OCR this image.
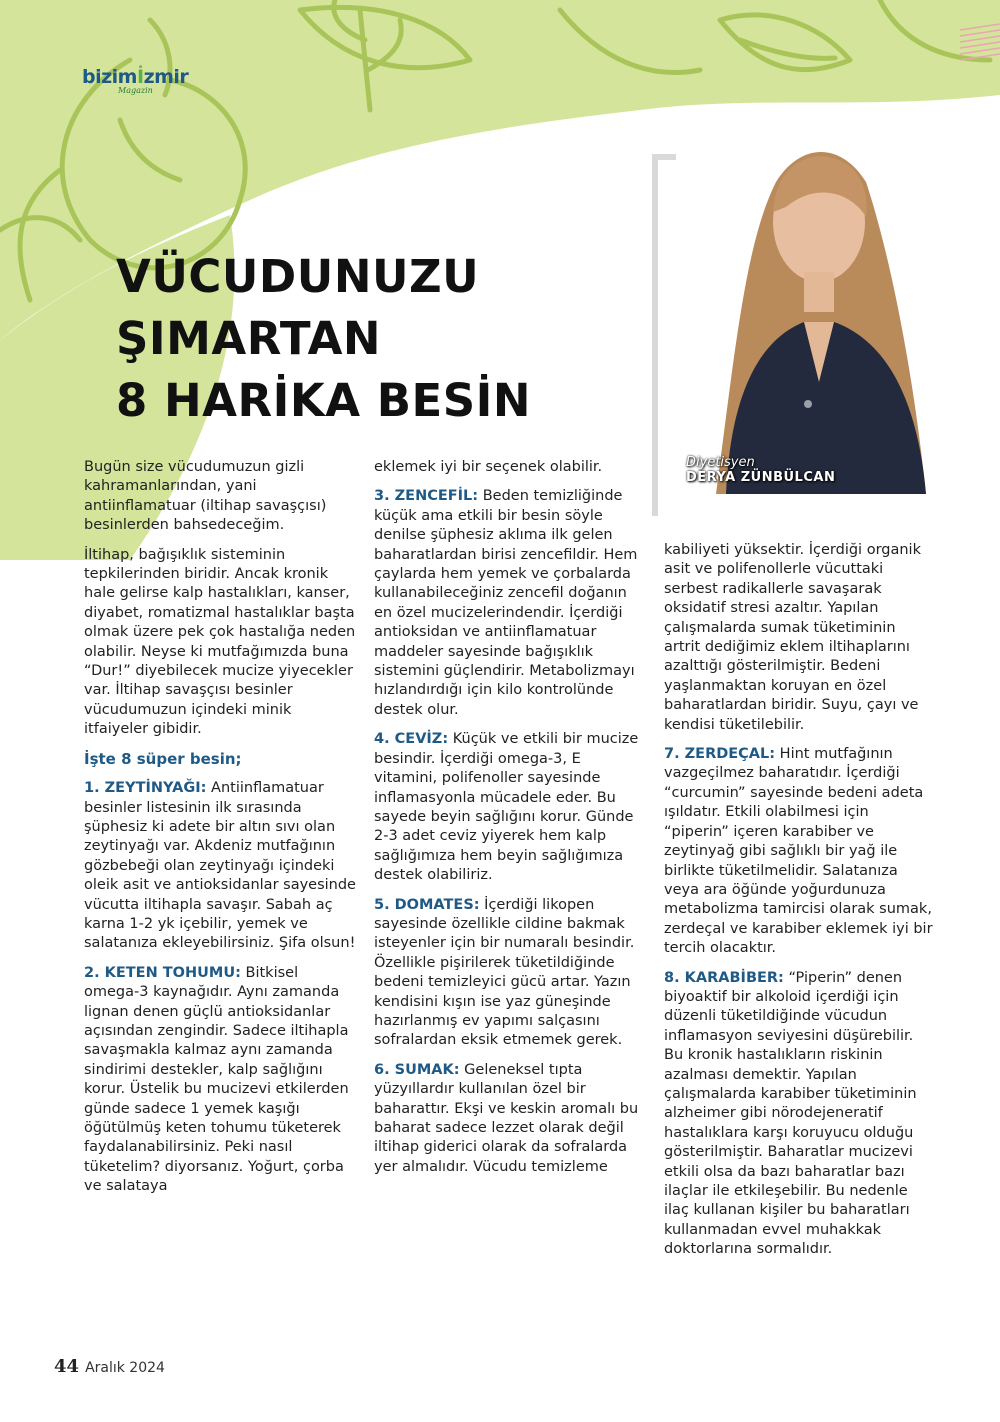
bizimİzmir
Magazin
VÜCUDUNUZU
ŞIMARTAN
8 HARİKA BESİN
Diyetisyen
DERYA ZÜNBÜLCAN

Bugün size vücudumuzun gizli kahramanlarından, yani antiinflamatuar (iltihap savaşçısı) besinlerden bahsedeceğim.

İltihap, bağışıklık sisteminin tepkilerinden biridir. Ancak kronik hale gelirse kalp hastalıkları, kanser, diyabet, romatizmal hastalıklar başta olmak üzere pek çok hastalığa neden olabilir. Neyse ki mutfağımızda buna “Dur!” diyebilecek mucize yiyecekler var. İltihap savaşçısı besinler vücudumuzun içindeki minik itfaiyeler gibidir.

İşte 8 süper besin;

1. ZEYTİNYAĞI: Antiinflamatuar besinler listesinin ilk sırasında şüphesiz ki adete bir altın sıvı olan zeytinyağı var. Akdeniz mutfağının gözbebeği olan zeytinyağı içindeki oleik asit ve antioksidanlar sayesinde vücutta iltihapla savaşır. Sabah aç karna 1-2 yk içebilir, yemek ve salatanıza ekleyebilirsiniz. Şifa olsun!

2. KETEN TOHUMU: Bitkisel omega-3 kaynağıdır. Aynı zamanda lignan denen güçlü antioksidanlar açısından zengindir. Sadece iltihapla savaşmakla kalmaz aynı zamanda sindirimi destekler, kalp sağlığını korur. Üstelik bu mucizevi etkilerden günde sadece 1 yemek kaşığı öğütülmüş keten tohumu tüketerek faydalanabilirsiniz. Peki nasıl tüketelim? diyorsanız. Yoğurt, çorba ve salataya

eklemek iyi bir seçenek olabilir.

3. ZENCEFİL: Beden temizliğinde küçük ama etkili bir besin söyle denilse şüphesiz aklıma ilk gelen baharatlardan birisi zencefildir. Hem çaylarda hem yemek ve çorbalarda kullanabileceğiniz zencefil doğanın en özel mucizelerindendir. İçerdiği antioksidan ve antiinflamatuar maddeler sayesinde bağışıklık sistemini güçlendirir. Metabolizmayı hızlandırdığı için kilo kontrolünde destek olur.

4. CEVİZ: Küçük ve etkili bir mucize besindir. İçerdiği omega-3, E vitamini, polifenoller sayesinde inflamasyonla mücadele eder. Bu sayede beyin sağlığını korur. Günde 2-3 adet ceviz yiyerek hem kalp sağlığımıza hem beyin sağlığımıza destek olabiliriz.

5. DOMATES: İçerdiği likopen sayesinde özellikle cildine bakmak isteyenler için bir numaralı besindir. Özellikle pişirilerek tüketildiğinde bedeni temizleyici gücü artar. Yazın kendisini kışın ise yaz güneşinde hazırlanmış ev yapımı salçasını sofralardan eksik etmemek gerek.

6. SUMAK: Geleneksel tıpta yüzyıllardır kullanılan özel bir baharattır. Ekşi ve keskin aromalı bu baharat sadece lezzet olarak değil iltihap giderici olarak da sofralarda yer almalıdır. Vücudu temizleme

kabiliyeti yüksektir. İçerdiği organik asit ve polifenollerle vücuttaki serbest radikallerle savaşarak oksidatif stresi azaltır. Yapılan çalışmalarda sumak tüketiminin artrit dediğimiz eklem iltihaplarını azalttığı gösterilmiştir. Bedeni yaşlanmaktan koruyan en özel baharatlardan biridir. Suyu, çayı ve kendisi tüketilebilir.

7. ZERDEÇAL: Hint mutfağının vazgeçilmez baharatıdır. İçerdiği “curcumin” sayesinde bedeni adeta ışıldatır. Etkili olabilmesi için “piperin” içeren karabiber ve zeytinyağ gibi sağlıklı bir yağ ile birlikte tüketilmelidir. Salatanıza veya ara öğünde yoğurdunuza metabolizma tamircisi olarak sumak, zerdeçal ve karabiber eklemek iyi bir tercih olacaktır.

8. KARABİBER: “Piperin” denen biyoaktif bir alkoloid içerdiği için düzenli tüketildiğinde vücudun inflamasyon seviyesini düşürebilir. Bu kronik hastalıkların riskinin azalması demektir. Yapılan çalışmalarda karabiber tüketiminin alzheimer gibi nörodejeneratif hastalıklara karşı koruyucu olduğu gösterilmiştir. Baharatlar mucizevi etkili olsa da bazı baharatlar bazı ilaçlar ile etkileşebilir. Bu nedenle ilaç kullanan kişiler bu baharatları kullanmadan evvel muhakkak doktorlarına sormalıdır.

44 Aralık 2024
